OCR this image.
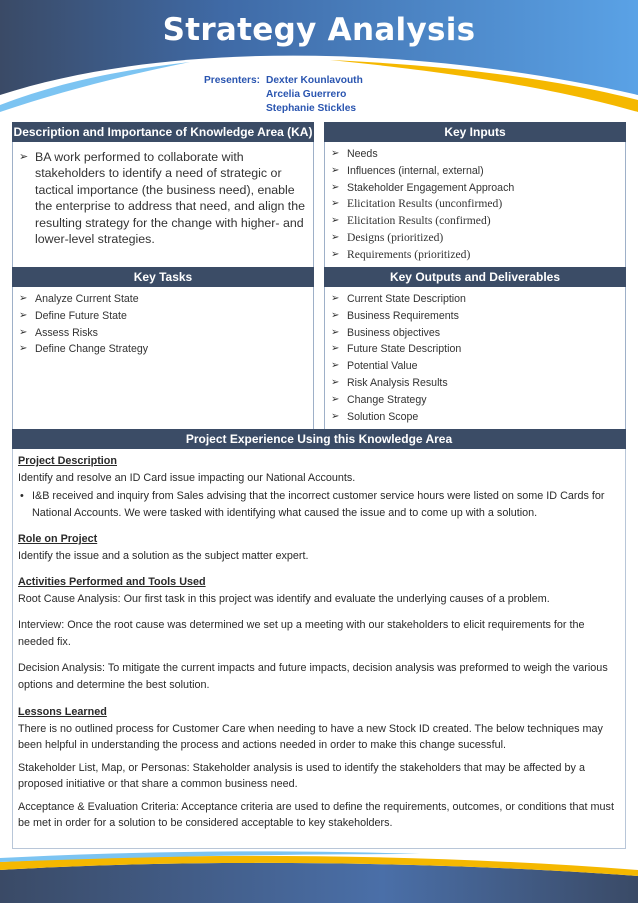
Strategy Analysis
Presenters: Dexter Kounlavouth
Arcelia Guerrero
Stephanie Stickles
Description and Importance of Knowledge Area (KA)
➢ BA work performed to collaborate with stakeholders to identify a need of strategic or tactical importance (the business need), enable the enterprise to address that need, and align the resulting strategy for the change with higher- and lower-level strategies.
Key Inputs
➢ Needs
➢ Influences (internal, external)
➢ Stakeholder Engagement Approach
➢ Elicitation Results (unconfirmed)
➢ Elicitation Results (confirmed)
➢ Designs (prioritized)
➢ Requirements (prioritized)
Key Tasks
➢ Analyze Current State
➢ Define Future State
➢ Assess Risks
➢ Define Change Strategy
Key Outputs and Deliverables
➢ Current State Description
➢ Business Requirements
➢ Business objectives
➢ Future State Description
➢ Potential Value
➢ Risk Analysis Results
➢ Change Strategy
➢ Solution Scope
Project Experience Using this Knowledge Area
Project Description

Identify and resolve an ID Card issue impacting our National Accounts.

• I&B received and inquiry from Sales advising that the incorrect customer service hours were listed on some ID Cards for National Accounts. We were tasked with identifying what caused the issue and to come up with a solution.
Role on Project

Identify the issue and a solution as the subject matter expert.

Activities Performed and Tools Used

Root Cause Analysis: Our first task in this project was identify and evaluate the underlying causes of a problem.

Interview: Once the root cause was determined we set up a meeting with our stakeholders to elicit requirements for the needed fix.

Decision Analysis: To mitigate the current impacts and future impacts, decision analysis was preformed to weigh the various options and determine the best solution.

Lessons Learned

There is no outlined process for Customer Care when needing to have a new Stock ID created. The below techniques may been helpful in understanding the process and actions needed in order to make this change sucessful.

Stakeholder List, Map, or Personas: Stakeholder analysis is used to identify the stakeholders that may be affected by a proposed initiative or that share a common business need.

Acceptance & Evaluation Criteria: Acceptance criteria are used to define the requirements, outcomes, or conditions that must be met in order for a solution to be considered acceptable to key stakeholders.
